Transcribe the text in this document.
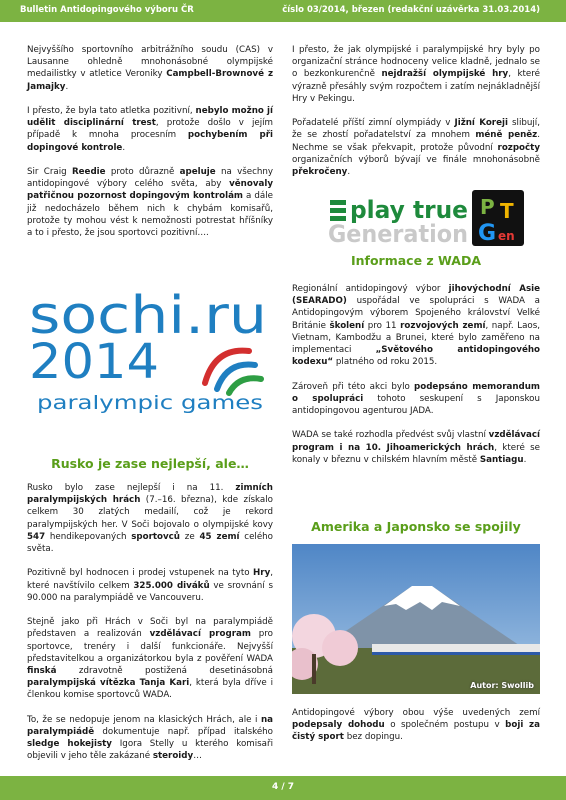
Bulletin Antidopingového výboru ČR	číslo 03/2014, březen (redakční uzávěrka 31.03.2014)

Nejvyššího sportovního arbitrážního soudu (CAS) v Lausanne ohledně mnohonásobné olympijské medailistky v atletice Veroniky Campbell-Brownové z Jamajky.

I přesto, že byla tato atletka pozitivní, nebylo možno jí udělit disciplinární trest, protože došlo v jejím případě k mnoha procesním pochybením při dopingové kontrole.

Sir Craig Reedie proto důrazně apeluje na všechny antidopingové výbory celého světa, aby věnovaly patřičnou pozornost dopingovým kontrolám a dále již nedocházelo během nich k chybám komisařů, protože ty mohou vést k nemožnosti potrestat hříšníky a to i přesto, že jsou sportovci pozitivní….

sochi.ru
2014
paralympic games
Rusko je zase nejlepší, ale…

Rusko bylo zase nejlepší i na 11. zimních paralympijských hrách (7.–16. března), kde získalo celkem 30 zlatých medailí, což je rekord paralympijských her. V Soči bojovalo o olympijské kovy 547 hendikepovaných sportovců ze 45 zemí celého světa.

Pozitivně byl hodnocen i prodej vstupenek na tyto Hry, které navštívilo celkem 325.000 diváků ve srovnání s 90.000 na paralympiádě ve Vancouveru.

Stejně jako při Hrách v Soči byl na paralympiádě představen a realizován vzdělávací program pro sportovce, trenéry i další funkcionáře. Nejvyšší představitelkou a organizátorkou byla z pověření WADA finská zdravotně postižená desetinásobná paralympijská vítězka Tanja Kari, která byla dříve i členkou komise sportovců WADA.

To, že se nedopuje jenom na klasických Hrách, ale i na paralympiádě dokumentuje např. případ italského sledge hokejisty Igora Stelly u kterého komisaři objevili v jeho těle zakázané steroidy…

I přesto, že jak olympijské i paralympijské hry byly po organizační stránce hodnoceny velice kladně, jednalo se o bezkonkurenčně nejdražší olympijské hry, které výrazně přesáhly svým rozpočtem i zatím nejnákladnější Hry v Pekingu.

Pořadatelé příští zimní olympiády v Jižní Koreji slibují, že se zhostí pořadatelství za mnohem méně peněz. Nechme se však překvapit, protože původní rozpočty organizačních výborů bývají ve finále mnohonásobně překročeny.

play true
Generation
P T
G en
Informace z WADA

Regionální antidopingový výbor jihovýchodní Asie (SEARADO) uspořádal ve spolupráci s WADA a Antidopingovým výborem Spojeného království Velké Británie školení pro 11 rozvojových zemí, např. Laos, Vietnam, Kambodžu a Brunei, které bylo zaměřeno na implementaci „Světového antidopingového kodexu“ platného od roku 2015.

Zároveň při této akci bylo podepsáno memorandum o spolupráci tohoto seskupení s Japonskou antidopingovou agenturou JADA.

WADA se také rozhodla předvést svůj vlastní vzdělávací program i na 10. Jihoamerických hrách, které se konaly v březnu v chilském hlavním městě Santiagu.

Amerika a Japonsko se spojily
Autor: Swollib

Antidopingové výbory obou výše uvedených zemí podepsaly dohodu o společném postupu v boji za čistý sport bez dopingu.

4 / 7
